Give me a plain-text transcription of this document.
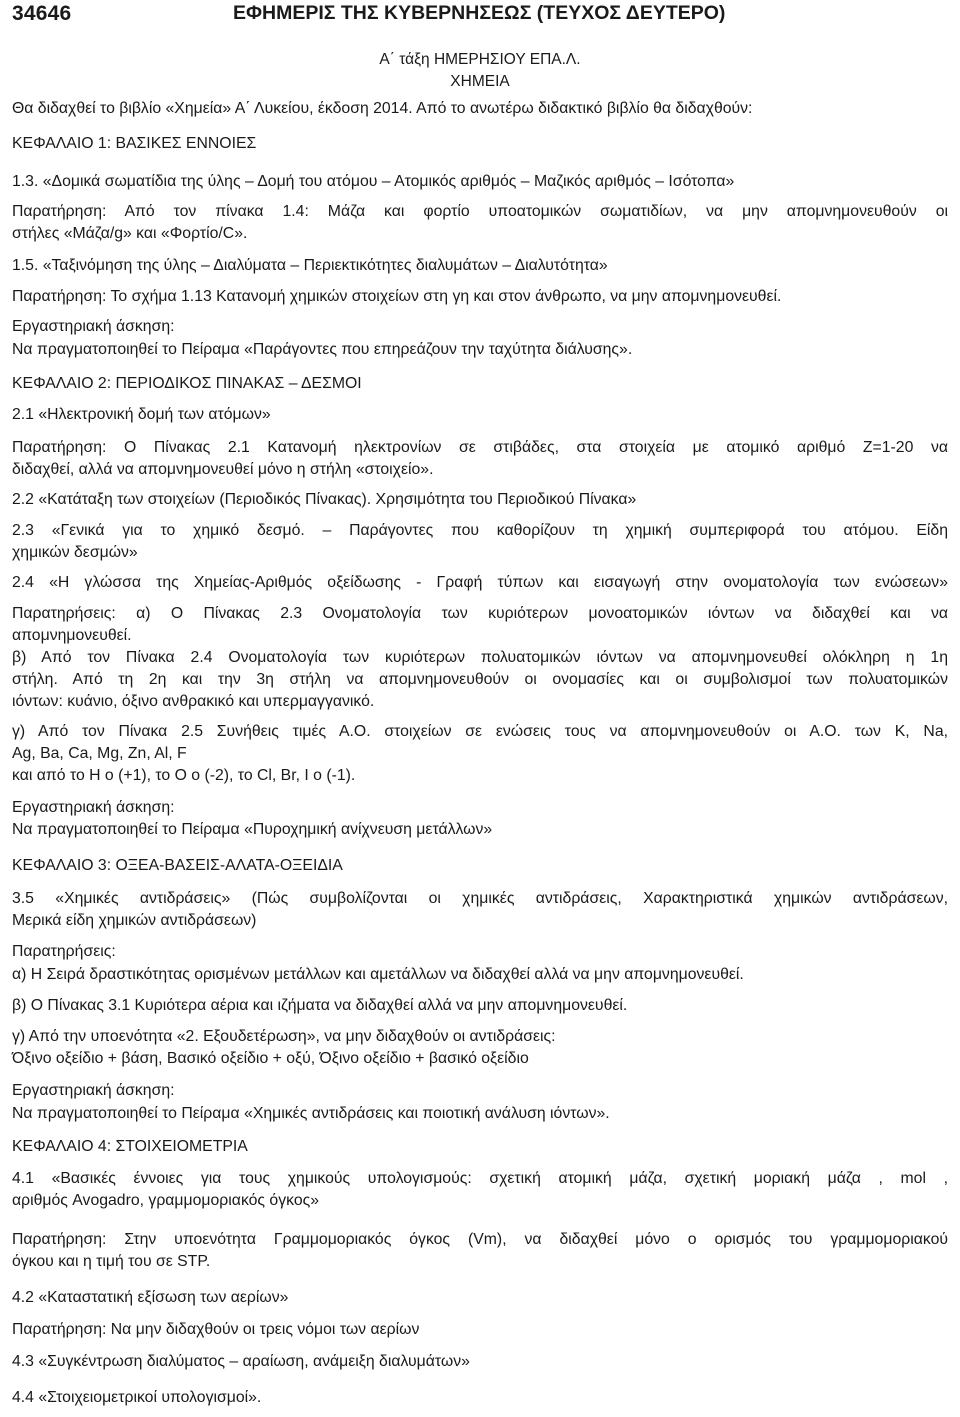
34646	ΕΦΗΜΕΡΙΣ ΤΗΣ ΚΥΒΕΡΝΗΣΕΩΣ (ΤΕΥΧΟΣ ΔΕΥΤΕΡΟ)
Α΄ τάξη ΗΜΕΡΗΣΙΟΥ ΕΠΑ.Λ.
ΧΗΜΕΙΑ
Θα διδαχθεί το βιβλίο «Χημεία» Α΄ Λυκείου, έκδοση 2014. Από το ανωτέρω διδακτικό βιβλίο θα διδαχθούν:
ΚΕΦΑΛΑΙΟ 1: ΒΑΣΙΚΕΣ ΕΝΝΟΙΕΣ
1.3. «Δομικά σωματίδια της ύλης – Δομή του ατόμου – Ατομικός αριθμός – Μαζικός αριθμός – Ισότοπα»
Παρατήρηση: Από τον πίνακα 1.4: Μάζα και φορτίο υποατομικών σωματιδίων, να μην απομνημονευθούν οι
στήλες «Μάζα/g» και «Φορτίο/C».
1.5. «Ταξινόμηση της ύλης – Διαλύματα – Περιεκτικότητες διαλυμάτων – Διαλυτότητα»
Παρατήρηση: Το σχήμα 1.13 Κατανομή χημικών στοιχείων στη γη και στον άνθρωπο, να μην απομνημονευθεί.
Εργαστηριακή άσκηση:
Να πραγματοποιηθεί το Πείραμα «Παράγοντες που επηρεάζουν την ταχύτητα διάλυσης».
ΚΕΦΑΛΑΙΟ 2: ΠΕΡΙΟΔΙΚΟΣ ΠΙΝΑΚΑΣ – ΔΕΣΜΟΙ
2.1 «Ηλεκτρονική δομή των ατόμων»
Παρατήρηση: Ο Πίνακας 2.1 Κατανομή ηλεκτρονίων σε στιβάδες, στα στοιχεία με ατομικό αριθμό Ζ=1-20 να
διδαχθεί, αλλά να απομνημονευθεί μόνο η στήλη «στοιχείο».
2.2 «Κατάταξη των στοιχείων (Περιοδικός Πίνακας). Χρησιμότητα του Περιοδικού Πίνακα»
2.3 «Γενικά για το χημικό δεσμό. – Παράγοντες που καθορίζουν τη χημική συμπεριφορά του ατόμου. Είδη
χημικών δεσμών»
2.4 «Η γλώσσα της Χημείας-Αριθμός οξείδωσης - Γραφή τύπων και εισαγωγή στην ονοματολογία των ενώσεων»
Παρατηρήσεις: α) Ο Πίνακας 2.3 Ονοματολογία των κυριότερων μονοατομικών ιόντων να διδαχθεί και να
απομνημονευθεί.
β) Από τον Πίνακα 2.4 Ονοματολογία των κυριότερων πολυατομικών ιόντων να απομνημονευθεί ολόκληρη η 1η
στήλη. Από τη 2η και την 3η στήλη να απομνημονευθούν οι ονομασίες και οι συμβολισμοί των πολυατομικών
ιόντων: κυάνιο, όξινο ανθρακικό και υπερμαγγανικό.
γ) Από τον Πίνακα 2.5 Συνήθεις τιμές Α.Ο. στοιχείων σε ενώσεις τους να απομνημονευθούν οι Α.Ο. των K, Na,
Ag, Ba, Ca, Mg, Zn, Al, F
και από το Η ο (+1), το Ο ο (-2), το Cl, Br, I ο (-1).
Εργαστηριακή άσκηση:
Να πραγματοποιηθεί το Πείραμα «Πυροχημική ανίχνευση μετάλλων»
ΚΕΦΑΛΑΙΟ 3: ΟΞΕΑ-ΒΑΣΕΙΣ-ΑΛΑΤΑ-ΟΞΕΙΔΙΑ
3.5 «Χημικές αντιδράσεις» (Πώς συμβολίζονται οι χημικές αντιδράσεις, Χαρακτηριστικά χημικών αντιδράσεων,
Μερικά είδη χημικών αντιδράσεων)
Παρατηρήσεις:
α) Η Σειρά δραστικότητας ορισμένων μετάλλων και αμετάλλων να διδαχθεί αλλά να μην απομνημονευθεί.
β) Ο Πίνακας 3.1 Κυριότερα αέρια και ιζήματα να διδαχθεί αλλά να μην απομνημονευθεί.
γ) Από την υποενότητα «2. Εξουδετέρωση», να μην διδαχθούν οι αντιδράσεις:
Όξινο οξείδιο + βάση, Βασικό οξείδιο + οξύ, Όξινο οξείδιο + βασικό οξείδιο
Εργαστηριακή άσκηση:
Να πραγματοποιηθεί το Πείραμα «Χημικές αντιδράσεις και ποιοτική ανάλυση ιόντων».
ΚΕΦΑΛΑΙΟ 4: ΣΤΟΙΧΕΙΟΜΕΤΡΙΑ
4.1 «Βασικές έννοιες για τους χημικούς υπολογισμούς: σχετική ατομική μάζα, σχετική μοριακή μάζα , mol ,
αριθμός Avogadro, γραμμομοριακός όγκος»
Παρατήρηση: Στην υποενότητα Γραμμομοριακός όγκος (Vm), να διδαχθεί μόνο ο ορισμός του γραμμομοριακού
όγκου και η τιμή του σε STP.
4.2 «Καταστατική εξίσωση των αερίων»
Παρατήρηση: Να μην διδαχθούν οι τρεις νόμοι των αερίων
4.3 «Συγκέντρωση διαλύματος – αραίωση, ανάμειξη διαλυμάτων»
4.4 «Στοιχειομετρικοί υπολογισμοί».
